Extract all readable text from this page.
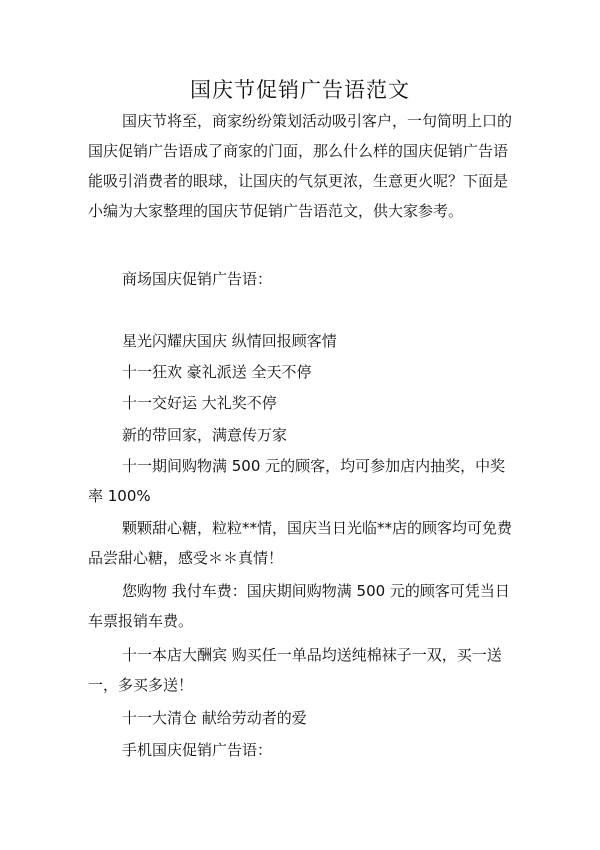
国庆节促销广告语范文

国庆节将至，商家纷纷策划活动吸引客户，一句简明上口的国庆促销广告语成了商家的门面，那么什么样的国庆促销广告语能吸引消费者的眼球，让国庆的气氛更浓，生意更火呢？下面是小编为大家整理的国庆节促销广告语范文，供大家参考。

商场国庆促销广告语：
星光闪耀庆国庆 纵情回报顾客情
十一狂欢 豪礼派送 全天不停
十一交好运 大礼奖不停
新的带回家，满意传万家

十一期间购物满 500 元的顾客，均可参加店内抽奖，中奖率 100%

颗颗甜心糖，粒粒**情，国庆当日光临**店的顾客均可免费品尝甜心糖，感受＊＊真情！

您购物 我付车费：国庆期间购物满 500 元的顾客可凭当日车票报销车费。

十一本店大酬宾 购买任一单品均送纯棉袜子一双，买一送一，多买多送！

十一大清仓 献给劳动者的爱
手机国庆促销广告语：
